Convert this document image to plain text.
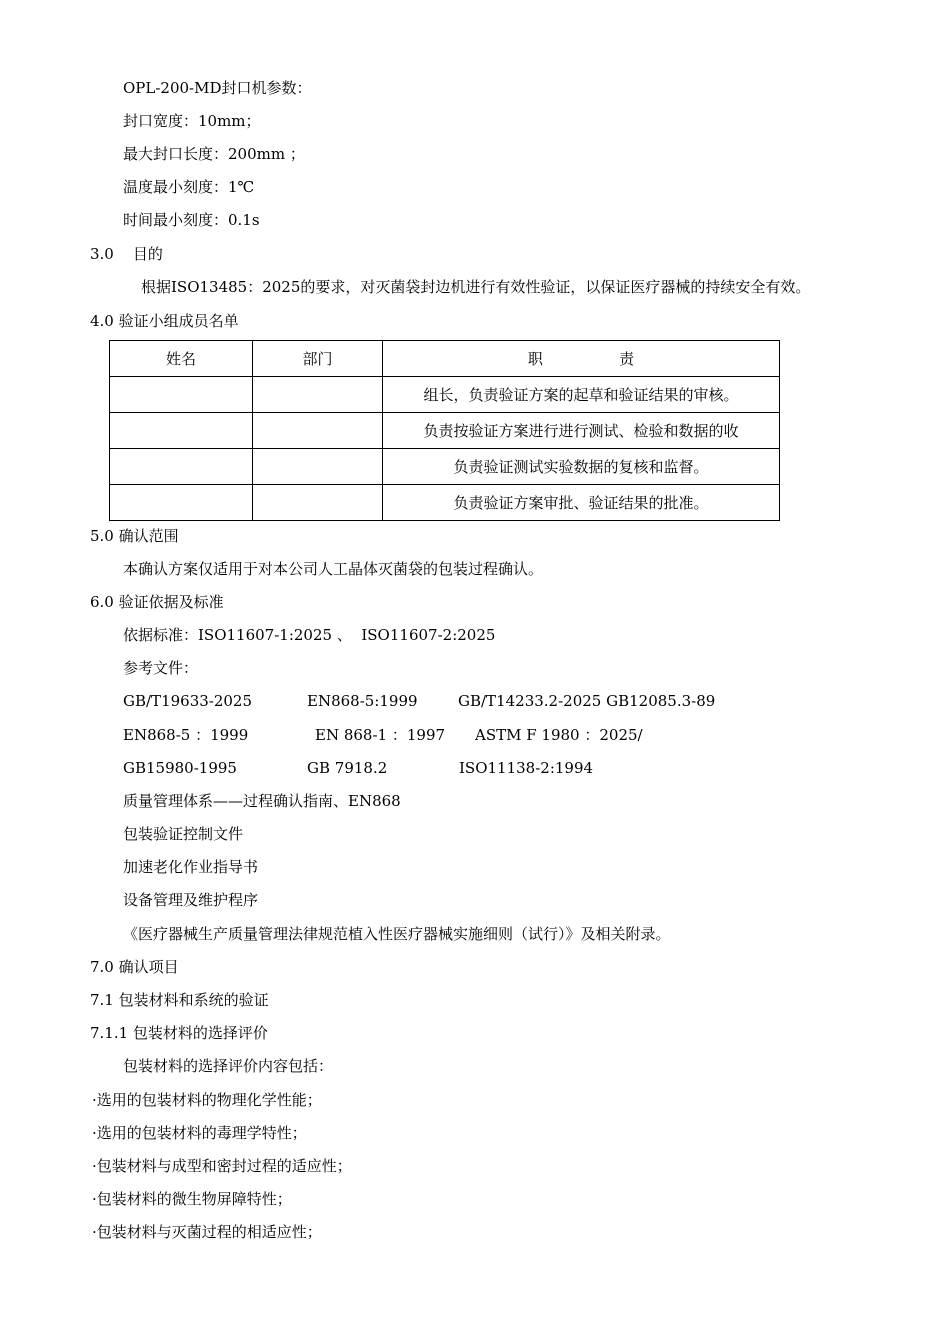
OPL-200-MD封口机参数：
封口宽度：10mm；
最大封口长度：200mm ；
温度最小刻度：1℃
时间最小刻度：0.1s
3.0    目的
根据ISO13485：2025的要求，对灭菌袋封边机进行有效性验证，以保证医疗器械的持续安全有效。
4.0 验证小组成员名单
姓名	部门	职                责
		组长，负责验证方案的起草和验证结果的审核。
		负责按验证方案进行进行测试、检验和数据的收
		负责验证测试实验数据的复核和监督。
		负责验证方案审批、验证结果的批准。
5.0 确认范围
本确认方案仅适用于对本公司人工晶体灭菌袋的包装过程确认。
6.0 验证依据及标准
依据标准：ISO11607-1:2025 、  ISO11607-2:2025
参考文件：
GB/T19633-2025	EN868-5:1999	GB/T14233.2-2025 GB12085.3-89
EN868-5 ：1999	EN 868-1 ：1997 ASTM F 1980 ：2025/
GB15980-1995	GB 7918.2	ISO11138-2:1994
质量管理体系——过程确认指南、EN868
包装验证控制文件
加速老化作业指导书
设备管理及维护程序
《医疗器械生产质量管理法律规范植入性医疗器械实施细则（试行）》及相关附录。
7.0 确认项目
7.1 包装材料和系统的验证
7.1.1 包装材料的选择评价
包装材料的选择评价内容包括：
·选用的包装材料的物理化学性能；
·选用的包装材料的毒理学特性；
·包装材料与成型和密封过程的适应性；
·包装材料的微生物屏障特性；
·包装材料与灭菌过程的相适应性；
